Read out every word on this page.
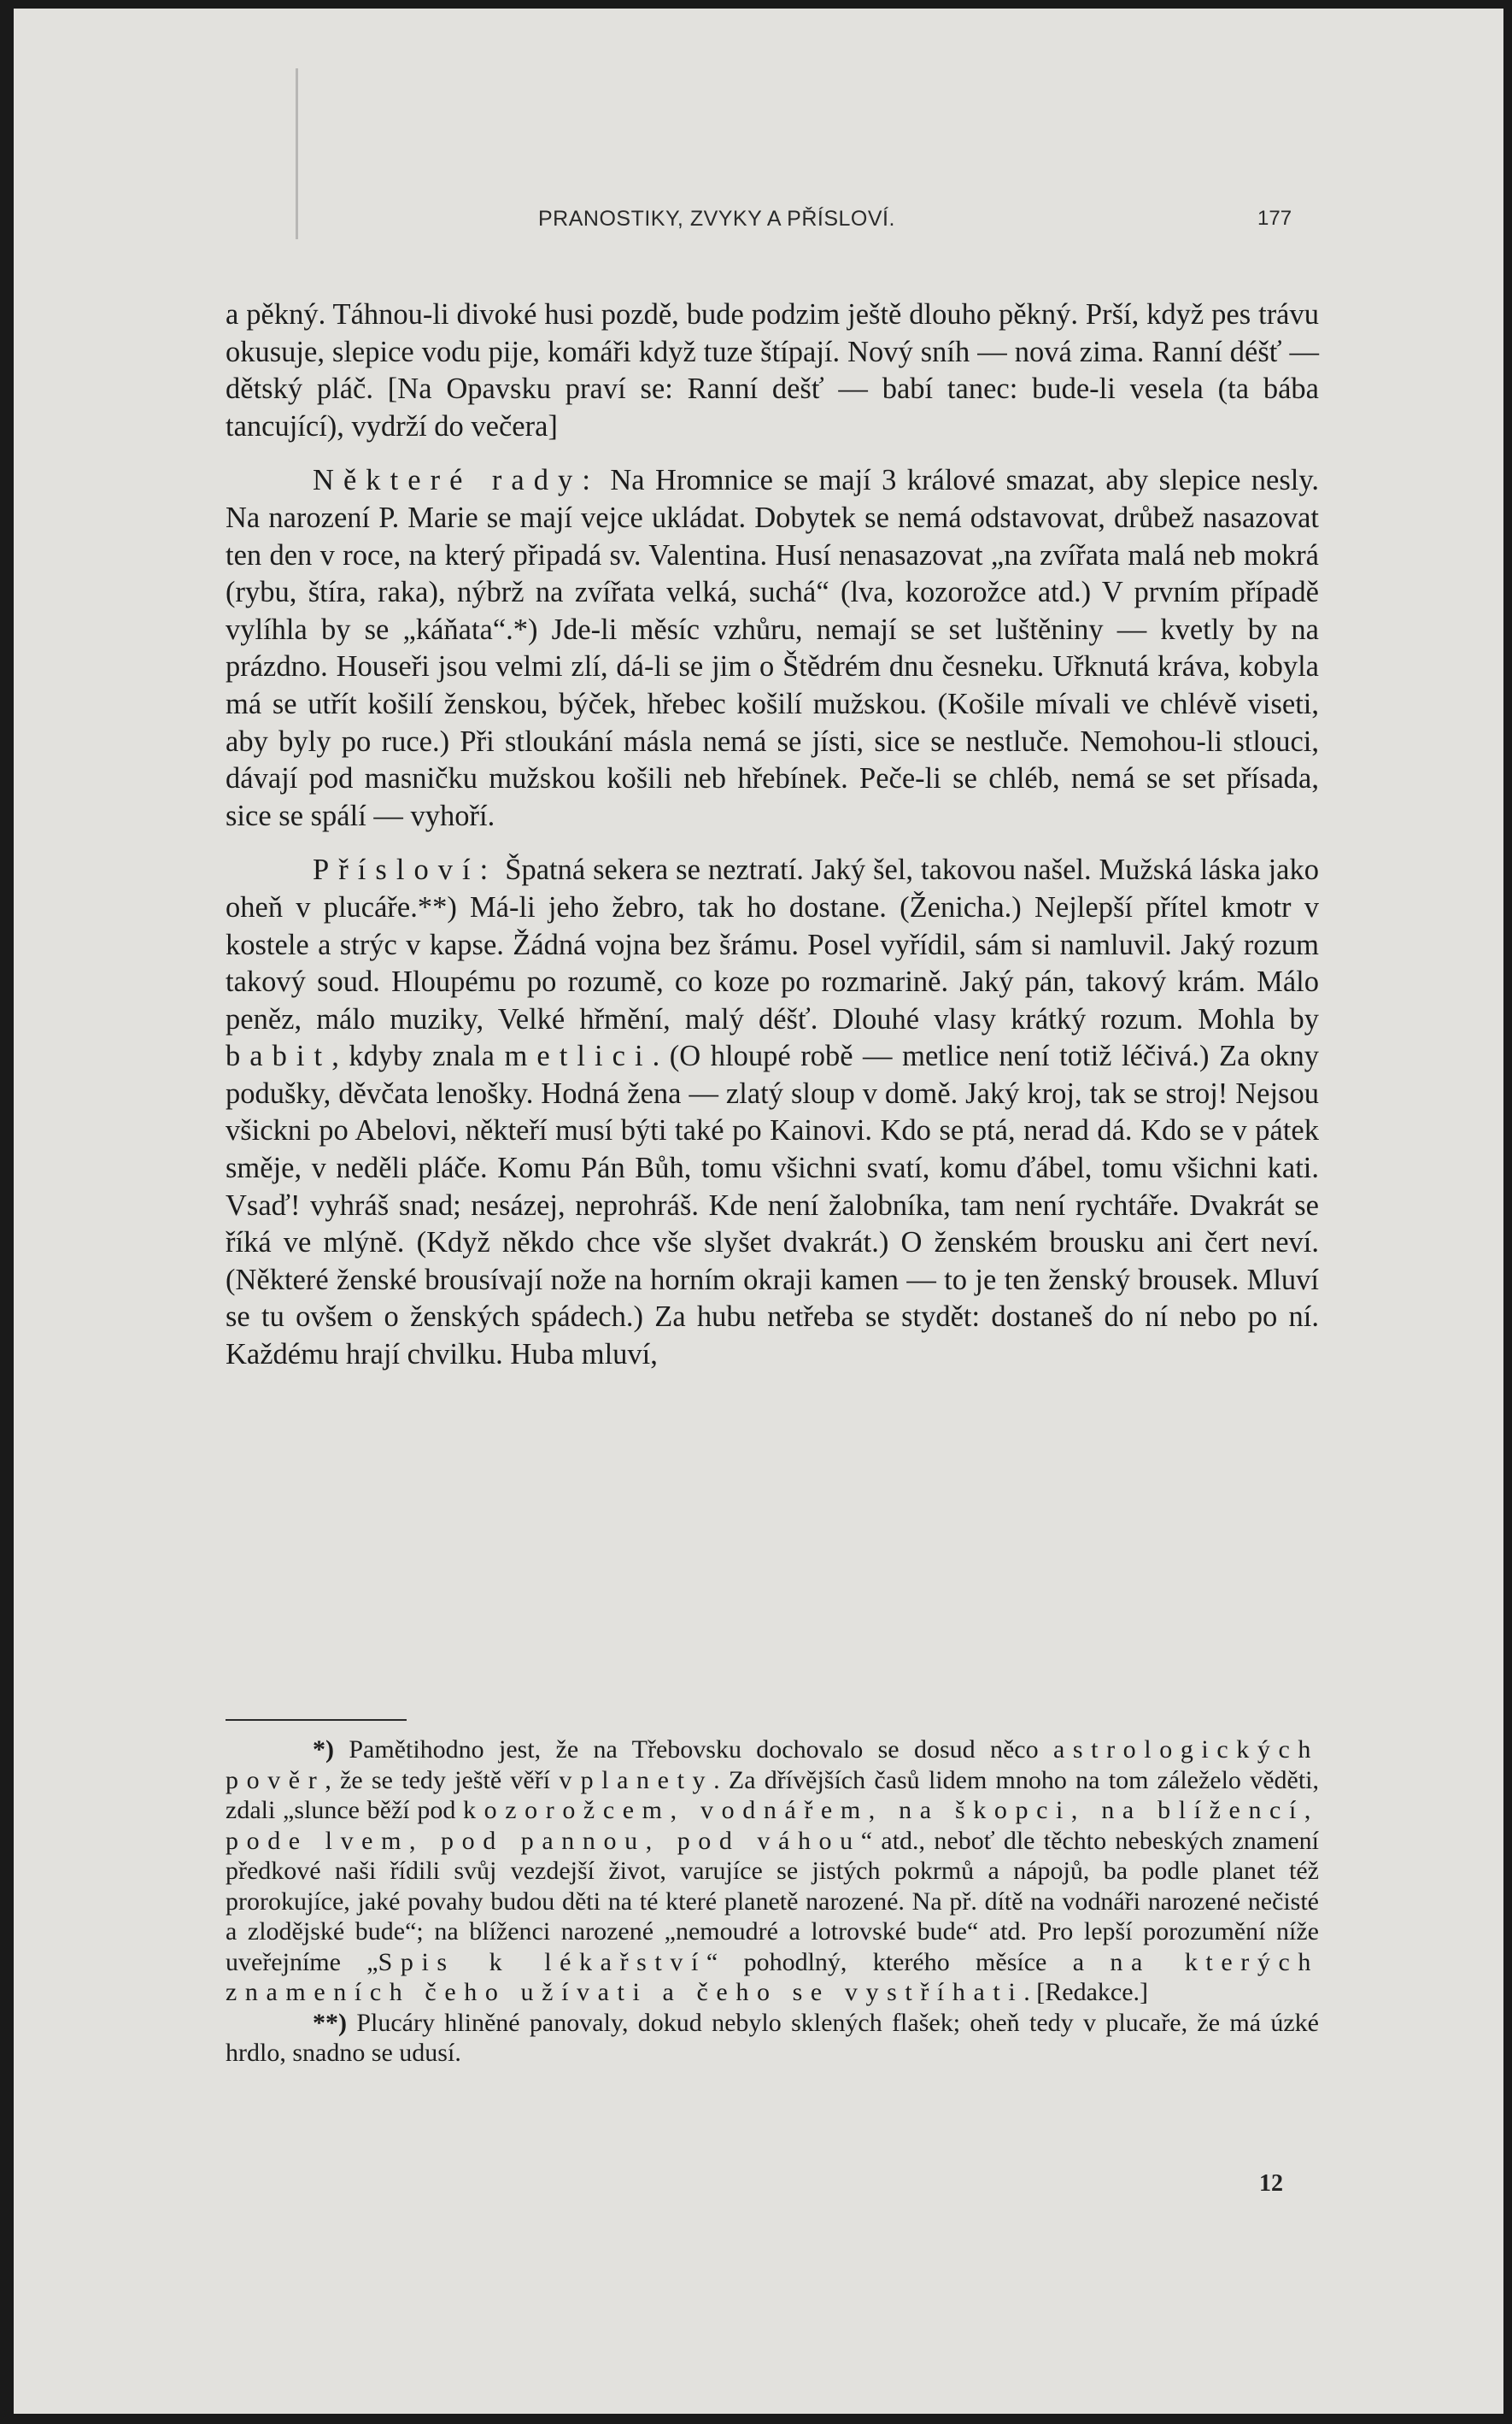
PRANOSTIKY, ZVYKY A PŘÍSLOVÍ.	177

a pěkný. Táhnou-li divoké husi pozdě, bude podzim ještě dlouho pěkný. Prší, když pes trávu okusuje, slepice vodu pije, komáři když tuze štípají. Nový sníh — nová zima. Ranní déšť — dětský pláč. [Na Opavsku praví se: Ranní dešť — babí tanec: bude-li vesela (ta bába tancující), vydrží do večera]

Některé rady: Na Hromnice se mají 3 králové smazat, aby slepice nesly. Na narození P. Marie se mají vejce ukládat. Dobytek se nemá odstavovat, drůbež nasazovat ten den v roce, na který připadá sv. Valentina. Husí nenasazovat „na zvířata malá neb mokrá (rybu, štíra, raka), nýbrž na zvířata velká, suchá“ (lva, kozorožce atd.) V prvním případě vylíhla by se „káňata“.*) Jde-li měsíc vzhůru, nemají se set luštěniny — kvetly by na prázdno. Houseři jsou velmi zlí, dá-li se jim o Štědrém dnu česneku. Uřknutá kráva, kobyla má se utřít košilí ženskou, býček, hřebec košilí mužskou. (Košile mívali ve chlévě viseti, aby byly po ruce.) Při stloukání másla nemá se jísti, sice se nestluče. Nemohou-li stlouci, dávají pod masničku mužskou košili neb hřebínek. Peče-li se chléb, nemá se set přísada, sice se spálí — vyhoří.

Přísloví: Špatná sekera se neztratí. Jaký šel, takovou našel. Mužská láska jako oheň v plucáře.**) Má-li jeho žebro, tak ho dostane. (Ženicha.) Nejlepší přítel kmotr v kostele a strýc v kapse. Žádná vojna bez šrámu. Posel vyřídil, sám si namluvil. Jaký rozum takový soud. Hloupému po rozumě, co koze po rozmarině. Jaký pán, takový krám. Málo peněz, málo muziky, Velké hřmění, malý déšť. Dlouhé vlasy krátký rozum. Mohla by babit, kdyby znala metlici. (O hloupé robě — metlice není totiž léčivá.) Za okny podušky, děvčata lenošky. Hodná žena — zlatý sloup v domě. Jaký kroj, tak se stroj! Nejsou všickni po Abelovi, někteří musí býti také po Kainovi. Kdo se ptá, nerad dá. Kdo se v pátek směje, v neděli pláče. Komu Pán Bůh, tomu všichni svatí, komu ďábel, tomu všichni kati. Vsaď! vyhráš snad; nesázej, neprohráš. Kde není žalobníka, tam není rychtáře. Dvakrát se říká ve mlýně. (Když někdo chce vše slyšet dvakrát.) O ženském brousku ani čert neví. (Některé ženské brousívají nože na horním okraji kamen — to je ten ženský brousek. Mluví se tu ovšem o ženských spádech.) Za hubu netřeba se stydět: dostaneš do ní nebo po ní. Každému hrají chvilku. Huba mluví,

*) Pamětihodno jest, že na Třebovsku dochovalo se dosud něco astrologických pověr, že se tedy ještě věří v planety. Za dřívějších časů lidem mnoho na tom záleželo věděti, zdali „slunce běží pod kozorožcem, vodnářem, na škopci, na blížencí, pode lvem, pod pannou, pod váhou“ atd., neboť dle těchto nebeských znamení předkové naši řídili svůj vezdejší život, varujíce se jistých pokrmů a nápojů, ba podle planet též prorokujíce, jaké povahy budou děti na té které planetě narozené. Na př. dítě na vodnáři narozené nečisté a zlodějské bude“; na blíženci narozené „nemoudré a lotrovské bude“ atd. Pro lepší porozumění níže uveřejníme „Spis k lékařství“ pohodlný, kterého měsíce a na kterých znameních čeho užívati a čeho se vystříhati. [Redakce.]

**) Plucáry hliněné panovaly, dokud nebylo sklených flašek; oheň tedy v plucaře, že má úzké hrdlo, snadno se udusí.

12
